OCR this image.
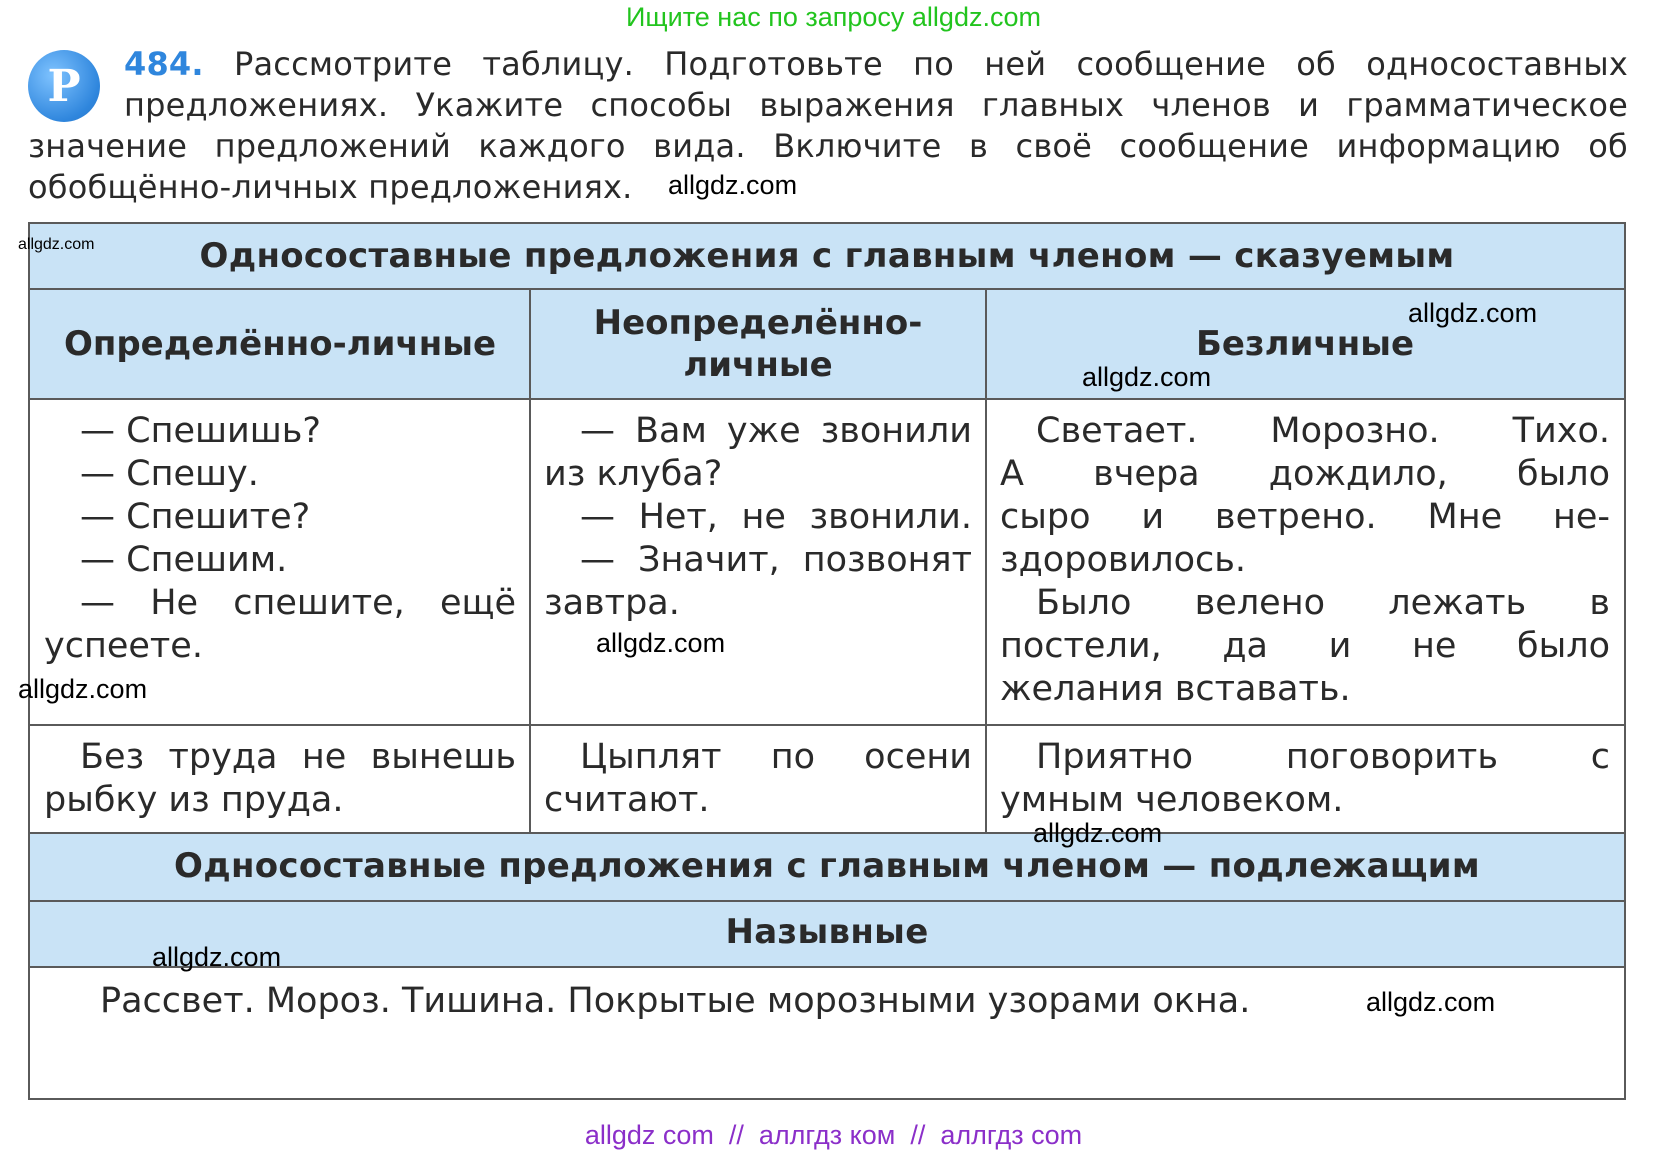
Ищите нас по запросу allgdz.com
Р	484. Рассмотрите таблицу. Подготовьте по ней сообщение об односоставных
предложениях. Укажите способы выражения главных членов и грамматическое
значение предложений каждого вида. Включите в своё сообщение информацию об
обобщённо-личных предложениях.
Односоставные предложения с главным членом — сказуемым
Определённо-личные
Неопределённо-
личные
Безличные
— Спешишь?
— Спешу.
— Спешите?
— Спешим.
— Не спешите, ещё
успеете.
— Вам уже звонили
из клуба?
— Нет, не звонили.
— Значит, позвонят
завтра.
Светает. Морозно. Тихо.
А вчера дождило, было
сыро и ветрено. Мне не-
здоровилось.
Было велено лежать в
постели, да и не было
желания вставать.
Без труда не вынешь
рыбку из пруда.
Цыплят по осени
считают.
Приятно поговорить с
умным человеком.
Односоставные предложения с главным членом — подлежащим
Назывные
Рассвет. Мороз. Тишина. Покрытые морозными узорами окна.
allgdz.com
allgdz.com
allgdz.com
allgdz.com
allgdz.com
allgdz.com
allgdz.com
allgdz.com
allgdz.com
allgdz com  //  аллгдз ком  //  аллгдз com
